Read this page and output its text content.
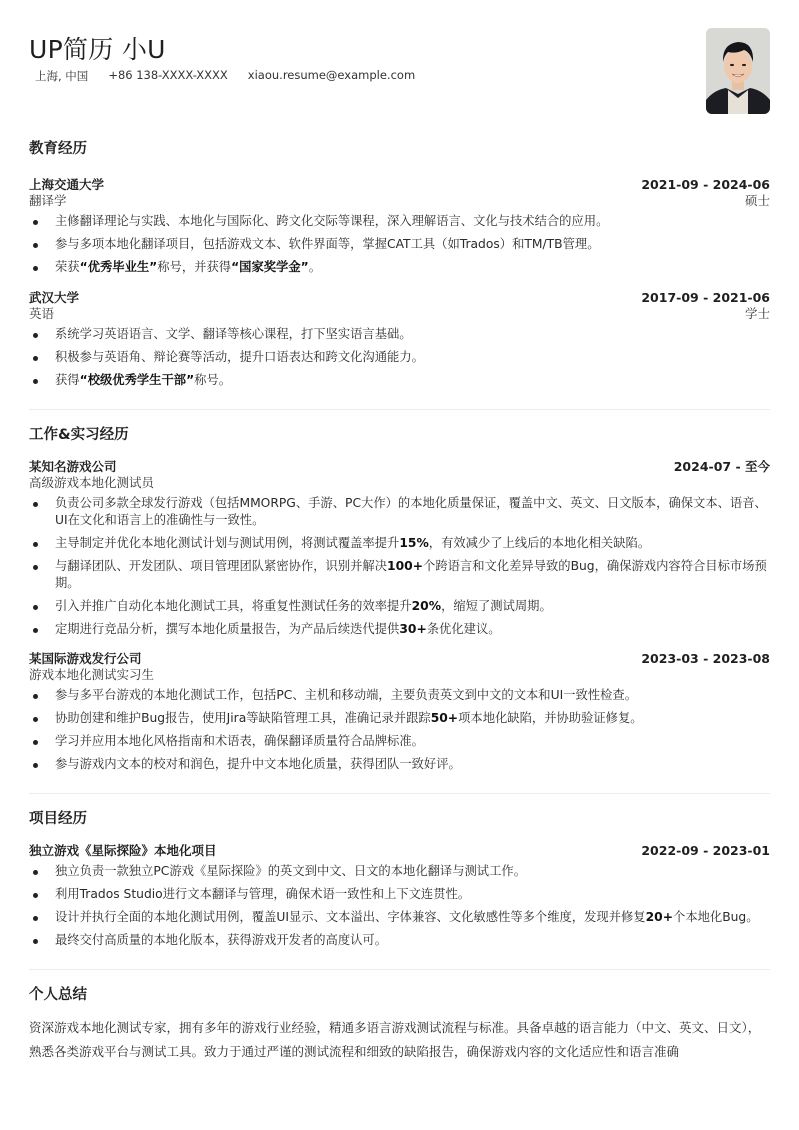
UP简历 小U
上海, 中国 +86 138-XXXX-XXXX xiaou.resume@example.com
教育经历
上海交通大学	2021-09 - 2024-06
翻译学	硕士
主修翻译理论与实践、本地化与国际化、跨文化交际等课程，深入理解语言、文化与技术结合的应用。
参与多项本地化翻译项目，包括游戏文本、软件界面等，掌握CAT工具（如Trados）和TM/TB管理。
荣获“优秀毕业生”称号，并获得“国家奖学金”。
武汉大学	2017-09 - 2021-06
英语	学士
系统学习英语语言、文学、翻译等核心课程，打下坚实语言基础。
积极参与英语角、辩论赛等活动，提升口语表达和跨文化沟通能力。
获得“校级优秀学生干部”称号。
工作&实习经历
某知名游戏公司	2024-07 - 至今
高级游戏本地化测试员
负责公司多款全球发行游戏（包括MMORPG、手游、PC大作）的本地化质量保证，覆盖中文、英文、日文版本，确保文本、语音、UI在文化和语言上的准确性与一致性。
主导制定并优化本地化测试计划与测试用例，将测试覆盖率提升15%，有效减少了上线后的本地化相关缺陷。
与翻译团队、开发团队、项目管理团队紧密协作，识别并解决100+个跨语言和文化差异导致的Bug，确保游戏内容符合目标市场预期。
引入并推广自动化本地化测试工具，将重复性测试任务的效率提升20%，缩短了测试周期。
定期进行竞品分析，撰写本地化质量报告，为产品后续迭代提供30+条优化建议。
某国际游戏发行公司	2023-03 - 2023-08
游戏本地化测试实习生
参与多平台游戏的本地化测试工作，包括PC、主机和移动端，主要负责英文到中文的文本和UI一致性检查。
协助创建和维护Bug报告，使用Jira等缺陷管理工具，准确记录并跟踪50+项本地化缺陷，并协助验证修复。
学习并应用本地化风格指南和术语表，确保翻译质量符合品牌标准。
参与游戏内文本的校对和润色，提升中文本地化质量，获得团队一致好评。
项目经历
独立游戏《星际探险》本地化项目	2022-09 - 2023-01
独立负责一款独立PC游戏《星际探险》的英文到中文、日文的本地化翻译与测试工作。
利用Trados Studio进行文本翻译与管理，确保术语一致性和上下文连贯性。
设计并执行全面的本地化测试用例，覆盖UI显示、文本溢出、字体兼容、文化敏感性等多个维度，发现并修复20+个本地化Bug。
最终交付高质量的本地化版本，获得游戏开发者的高度认可。
个人总结

资深游戏本地化测试专家，拥有多年的游戏行业经验，精通多语言游戏测试流程与标准。具备卓越的语言能力（中文、英文、日文），熟悉各类游戏平台与测试工具。致力于通过严谨的测试流程和细致的缺陷报告，确保游戏内容的文化适应性和语言准确
